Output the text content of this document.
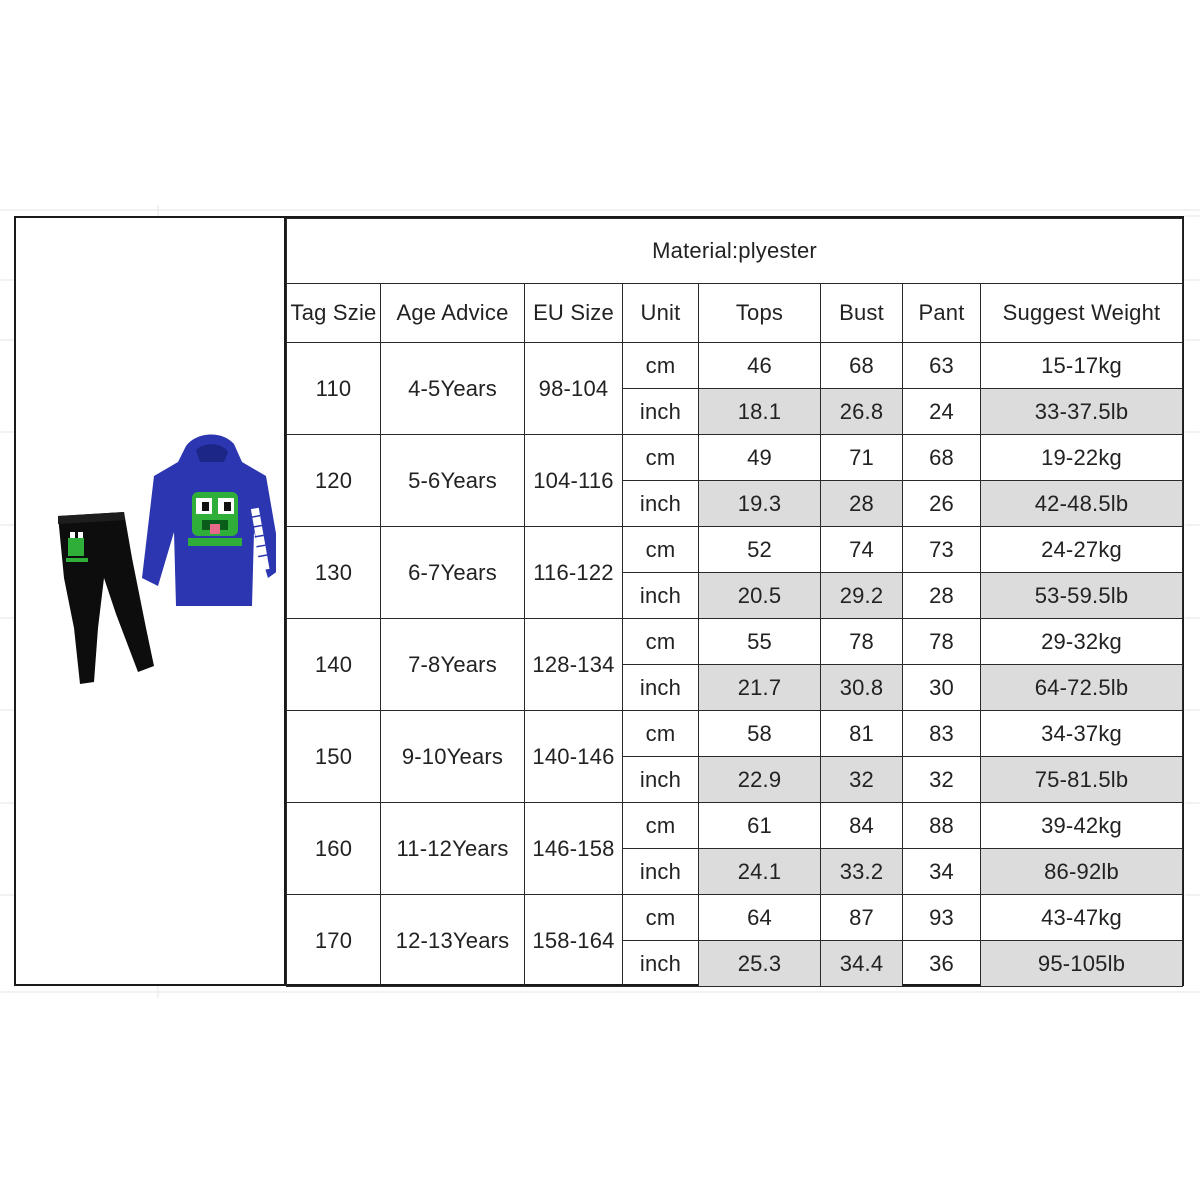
Material:plyester							
Tag Szie	Age Advice	EU Size	Unit	Tops	Bust	Pant	Suggest Weight
110	4-5Years	98-104	cm	46	68	63	15-17kg
			inch	18.1	26.8	24	33-37.5lb
120	5-6Years	104-116	cm	49	71	68	19-22kg
			inch	19.3	28	26	42-48.5lb
130	6-7Years	116-122	cm	52	74	73	24-27kg
			inch	20.5	29.2	28	53-59.5lb
140	7-8Years	128-134	cm	55	78	78	29-32kg
			inch	21.7	30.8	30	64-72.5lb
150	9-10Years	140-146	cm	58	81	83	34-37kg
			inch	22.9	32	32	75-81.5lb
160	11-12Years	146-158	cm	61	84	88	39-42kg
			inch	24.1	33.2	34	86-92lb
170	12-13Years	158-164	cm	64	87	93	43-47kg
			inch	25.3	34.4	36	95-105lb
